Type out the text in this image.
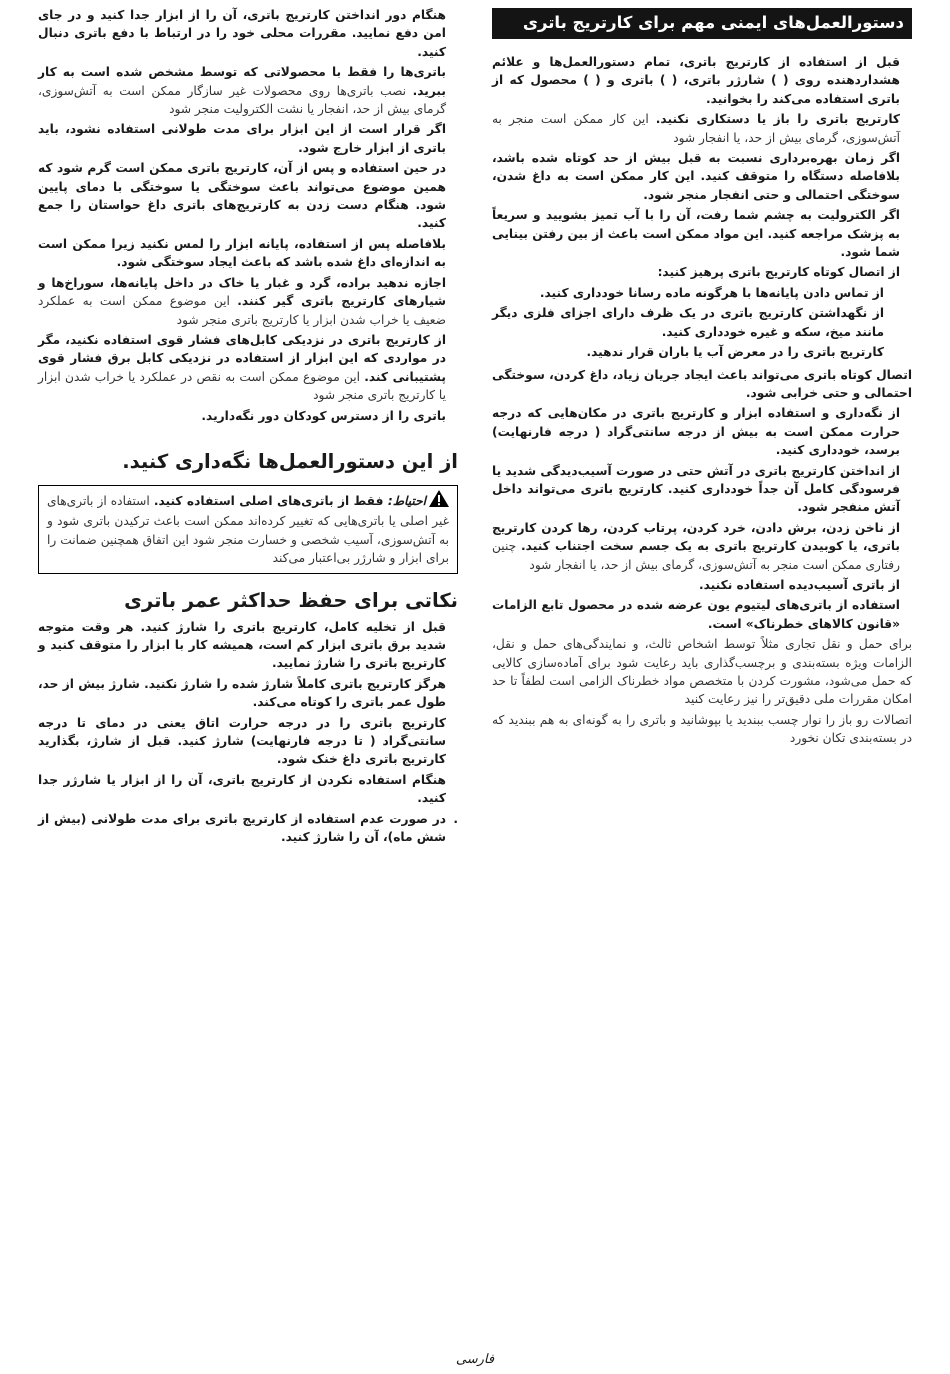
دستورالعمل‌های ایمنی مهم برای کارتریج باتری
قبل از استفاده از کارتریج باتری، تمام دستورالعمل‌ها و علائم هشداردهنده روی ( ) شارژر باتری، ( ) باتری و ( ) محصول که از باتری استفاده می‌کند را بخوانید.
کارتریج باتری را باز یا دستکاری نکنید. این کار ممکن است منجر به آتش‌سوزی، گرمای بیش از حد، یا انفجار شود
اگر زمان بهره‌برداری نسبت به قبل بیش از حد کوتاه شده باشد، بلافاصله دستگاه را متوقف کنید. این کار ممکن است به داغ شدن، سوختگی احتمالی و حتی انفجار منجر شود.
اگر الکترولیت به چشم شما رفت، آن را با آب تمیز بشویید و سریعاً به پزشک مراجعه کنید. این مواد ممکن است باعث از بین رفتن بینایی شما شود.
از اتصال کوتاه کارتریج باتری پرهیز کنید:
از تماس دادن پایانه‌ها با هرگونه ماده رسانا خودداری کنید.
از نگهداشتن کارتریج باتری در یک ظرف دارای اجزای فلزی دیگر مانند میخ، سکه و غیره خودداری کنید.
کارتریج باتری را در معرض آب یا باران قرار ندهید.
اتصال کوتاه باتری می‌تواند باعث ایجاد جریان زیاد، داغ کردن، سوختگی احتمالی و حتی خرابی شود.
از نگه‌داری و استفاده ابزار و کارتریج باتری در مکان‌هایی که درجه حرارت ممکن است به بیش از درجه سانتی‌گراد ( درجه فارنهایت) برسد، خودداری کنید.
از انداختن کارتریج باتری در آتش حتی در صورت آسیب‌دیدگی شدید یا فرسودگی کامل آن جداً خودداری کنید. کارتریج باتری می‌تواند داخل آتش منفجر شود.
از ناخن زدن، برش دادن، خرد کردن، پرتاب کردن، رها کردن کارتریج باتری، یا کوبیدن کارتریج باتری به یک جسم سخت اجتناب کنید. چنین رفتاری ممکن است منجر به آتش‌سوزی، گرمای بیش از حد، یا انفجار شود
از باتری آسیب‌دیده استفاده نکنید.
استفاده از باتری‌های لیتیوم یون عرضه شده در محصول تابع الزامات «قانون کالاهای خطرناک» است.
برای حمل و نقل تجاری مثلاً توسط اشخاص ثالث، و نمایندگی‌های حمل و نقل، الزامات ویژه بسته‌بندی و برچسب‌گذاری باید رعایت شود برای آماده‌سازی کالایی که حمل می‌شود، مشورت کردن با متخصص مواد خطرناک الزامی است لطفاً تا حد امکان مقررات ملی دقیق‌تر را نیز رعایت کنید
اتصالات رو باز را نوار چسب ببندید یا بپوشانید و باتری را به گونه‌ای به هم ببندید که در بسته‌بندی تکان نخورد
هنگام دور انداختن کارتریج باتری، آن را از ابزار جدا کنید و در جای امن دفع نمایید. مقررات محلی خود را در ارتباط با دفع باتری دنبال کنید.
باتری‌ها را فقط با محصولاتی که توسط مشخص شده است به کار ببرید. نصب باتری‌ها روی محصولات غیر سازگار ممکن است به آتش‌سوزی، گرمای بیش از حد، انفجار یا نشت الکترولیت منجر شود
اگر قرار است از این ابزار برای مدت طولانی استفاده نشود، باید باتری از ابزار خارج شود.
در حین استفاده و پس از آن، کارتریج باتری ممکن است گرم شود که همین موضوع می‌تواند باعث سوختگی یا سوختگی با دمای پایین شود. هنگام دست زدن به کارتریج‌های باتری داغ حواستان را جمع کنید.
بلافاصله پس از استفاده، پایانه ابزار را لمس نکنید زیرا ممکن است به اندازه‌ای داغ شده باشد که باعث ایجاد سوختگی شود.
اجازه ندهید براده، گرد و غبار یا خاک در داخل پایانه‌ها، سوراخ‌ها و شیارهای کارتریج باتری گیر کنند. این موضوع ممکن است به عملکرد ضعیف یا خراب شدن ابزار یا کارتریج باتری منجر شود
از کارتریج باتری در نزدیکی کابل‌های فشار قوی استفاده نکنید، مگر در مواردی که این ابزار از استفاده در نزدیکی کابل برق فشار قوی پشتیبانی کند. این موضوع ممکن است به نقص در عملکرد یا خراب شدن ابزار یا کارتریج باتری منجر شود
باتری را از دسترس کودکان دور نگه‌دارید.
از این دستورالعمل‌ها نگه‌داری کنید.
احتیاط: فقط از باتری‌های اصلی استفاده کنید. استفاده از باتری‌های غیر اصلی یا باتری‌هایی که تغییر کرده‌اند ممکن است باعث ترکیدن باتری شود و به آتش‌سوزی، آسیب شخصی و خسارت منجر شود این اتفاق همچنین ضمانت را برای ابزار و شارژر بی‌اعتبار می‌کند
نکاتی برای حفظ حداکثر عمر باتری
قبل از تخلیه کامل، کارتریج باتری را شارژ کنید. هر وقت متوجه شدید برق باتری ابزار کم است، همیشه کار با ابزار را متوقف کنید و کارتریج باتری را شارژ نمایید.
هرگز کارتریج باتری کاملاً شارژ شده را شارژ نکنید. شارژ بیش از حد، طول عمر باتری را کوتاه می‌کند.
کارتریج باتری را در درجه حرارت اتاق یعنی در دمای تا درجه سانتی‌گراد ( تا درجه فارنهایت) شارژ کنید. قبل از شارژ، بگذارید کارتریج باتری داغ خنک شود.
هنگام استفاده نکردن از کارتریج باتری، آن را از ابزار یا شارژر جدا کنید.
.
در صورت عدم استفاده از کارتریج باتری برای مدت طولانی (بیش از شش ماه)، آن را شارژ کنید.
فارسی
